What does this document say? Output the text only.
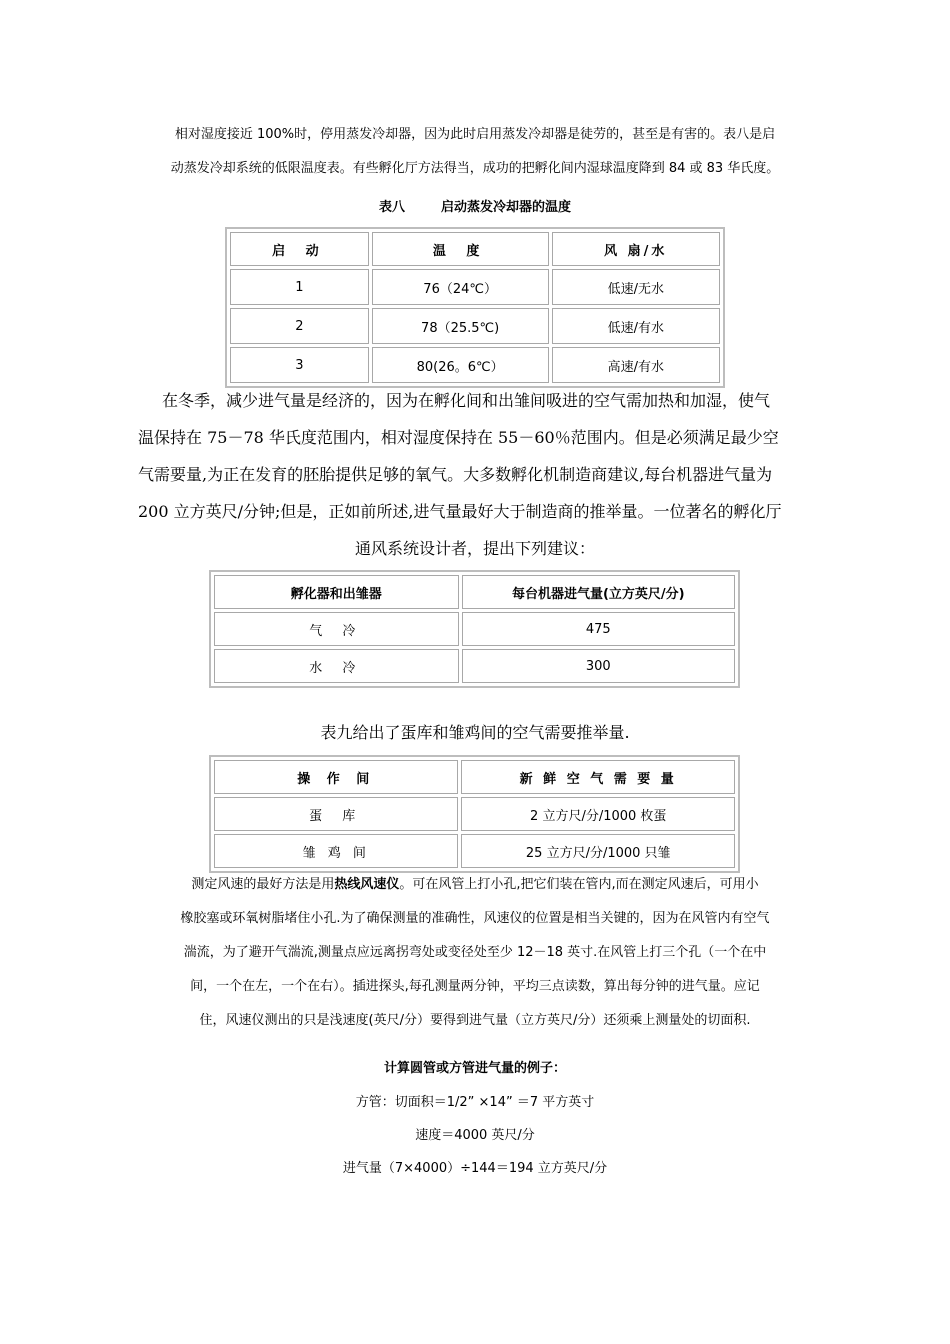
相对湿度接近 100%时，停用蒸发冷却器，因为此时启用蒸发冷却器是徒劳的，甚至是有害的。表八是启
动蒸发冷却系统的低限温度表。有些孵化厅方法得当，成功的把孵化间内湿球温度降到 84 或 83 华氏度。

表八	启动蒸发冷却器的温度

启 动	温 度	风 扇/水
1	76（24℃）	低速/无水
2	78（25.5℃)	低速/有水
3	80(26。6℃）	高速/有水

在冬季，减少进气量是经济的，因为在孵化间和出雏间吸进的空气需加热和加湿，使气
温保持在 75－78 华氏度范围内，相对湿度保持在 55－60％范围内。但是必须满足最少空
气需要量,为正在发育的胚胎提供足够的氧气。大多数孵化机制造商建议,每台机器进气量为
200 立方英尺/分钟;但是，正如前所述,进气量最好大于制造商的推举量。一位著名的孵化厅

通风系统设计者，提出下列建议：

孵化器和出雏器	每台机器进气量(立方英尺/分)
气 冷	475
水 冷	300

表九给出了蛋库和雏鸡间的空气需要推举量.

操 作 间	新 鲜 空 气 需 要 量
蛋 库	2 立方尺/分/1000 枚蛋
雏 鸡 间	25 立方尺/分/1000 只雏

测定风速的最好方法是用热线风速仪。可在风管上打小孔,把它们装在管内,而在测定风速后，可用小
橡胶塞或环氧树脂堵住小孔.为了确保测量的准确性，风速仪的位置是相当关键的，因为在风管内有空气
湍流，为了避开气湍流,测量点应远离拐弯处或变径处至少 12－18 英寸.在风管上打三个孔（一个在中
间，一个在左，一个在右）。插进探头,每孔测量两分钟，平均三点读数，算出每分钟的进气量。应记
住，风速仪测出的只是浅速度(英尺/分）要得到进气量（立方英尺/分）还须乘上测量处的切面积.

计算圆管或方管进气量的例子：

方管：切面积＝1/2” ×14” ＝7 平方英寸

速度＝4000 英尺/分

进气量（7×4000）÷144＝194 立方英尺/分
